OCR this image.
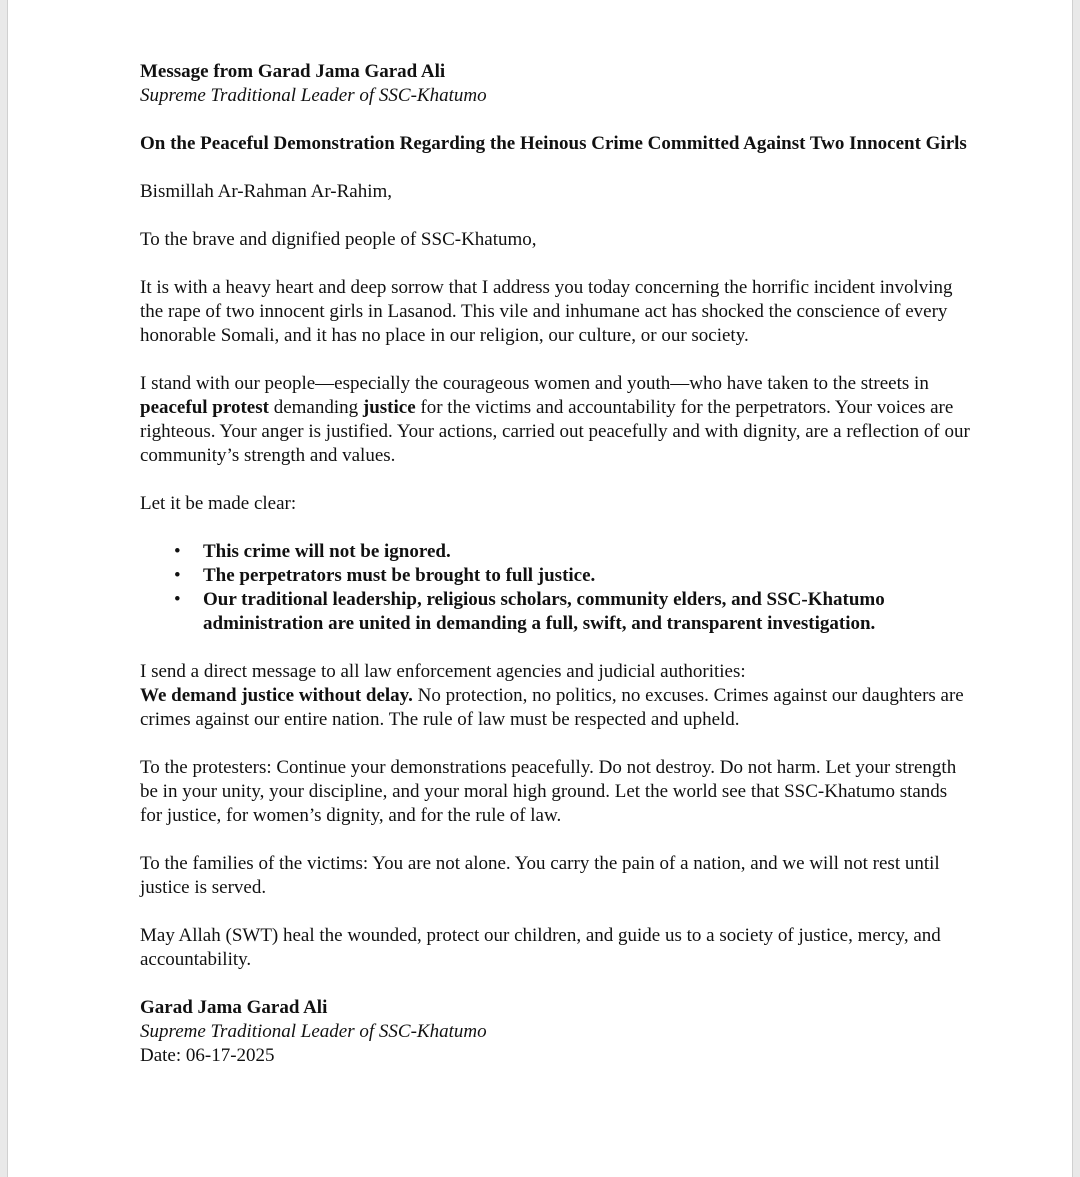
Message from Garad Jama Garad Ali

Supreme Traditional Leader of SSC-Khatumo

On the Peaceful Demonstration Regarding the Heinous Crime Committed Against Two Innocent Girls

Bismillah Ar-Rahman Ar-Rahim,

To the brave and dignified people of SSC-Khatumo,

It is with a heavy heart and deep sorrow that I address you today concerning the horrific incident involving the rape of two innocent girls in Lasanod. This vile and inhumane act has shocked the conscience of every honorable Somali, and it has no place in our religion, our culture, or our society.

I stand with our people—especially the courageous women and youth—who have taken to the streets in peaceful protest demanding justice for the victims and accountability for the perpetrators. Your voices are righteous. Your anger is justified. Your actions, carried out peacefully and with dignity, are a reflection of our community’s strength and values.

Let it be made clear:

• This crime will not be ignored.
• The perpetrators must be brought to full justice.
• Our traditional leadership, religious scholars, community elders, and SSC-Khatumo administration are united in demanding a full, swift, and transparent investigation.

I send a direct message to all law enforcement agencies and judicial authorities:
We demand justice without delay. No protection, no politics, no excuses. Crimes against our daughters are crimes against our entire nation. The rule of law must be respected and upheld.

To the protesters: Continue your demonstrations peacefully. Do not destroy. Do not harm. Let your strength be in your unity, your discipline, and your moral high ground. Let the world see that SSC-Khatumo stands for justice, for women’s dignity, and for the rule of law.

To the families of the victims: You are not alone. You carry the pain of a nation, and we will not rest until justice is served.

May Allah (SWT) heal the wounded, protect our children, and guide us to a society of justice, mercy, and accountability.

Garad Jama Garad Ali

Supreme Traditional Leader of SSC-Khatumo

Date: 06-17-2025
